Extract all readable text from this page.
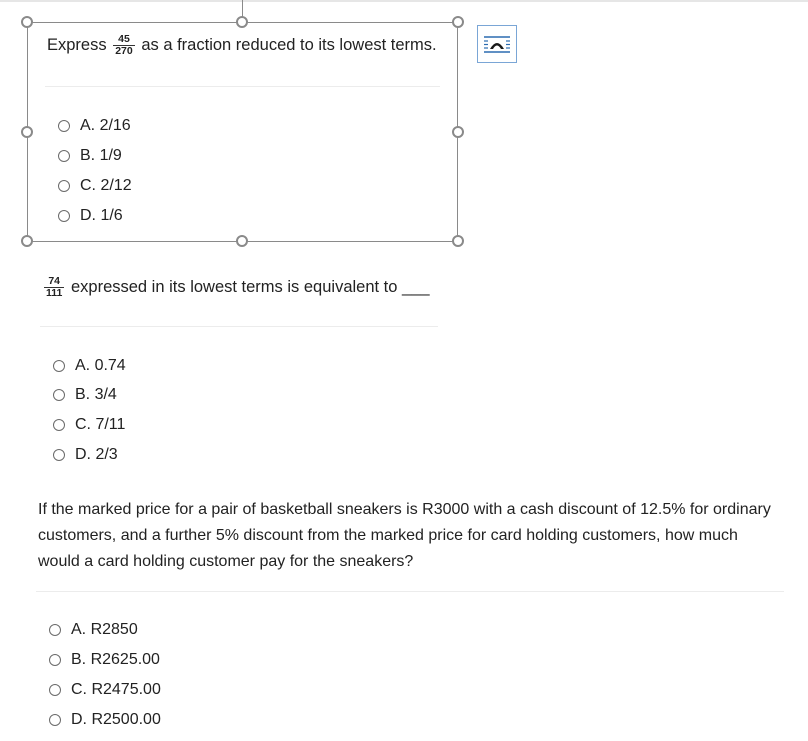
Express $\frac{45}{270}$ as a fraction reduced to its lowest terms.
A. 2/16
B. 1/9
C. 2/12
D. 1/6
$\frac{74}{111}$ expressed in its lowest terms is equivalent to ___
A. 0.74
B. 3/4
C. 7/11
D. 2/3
If the marked price for a pair of basketball sneakers is R3000 with a cash discount of 12.5% for ordinary customers, and a further 5% discount from the marked price for card holding customers, how much would a card holding customer pay for the sneakers?
A. R2850
B. R2625.00
C. R2475.00
D. R2500.00
